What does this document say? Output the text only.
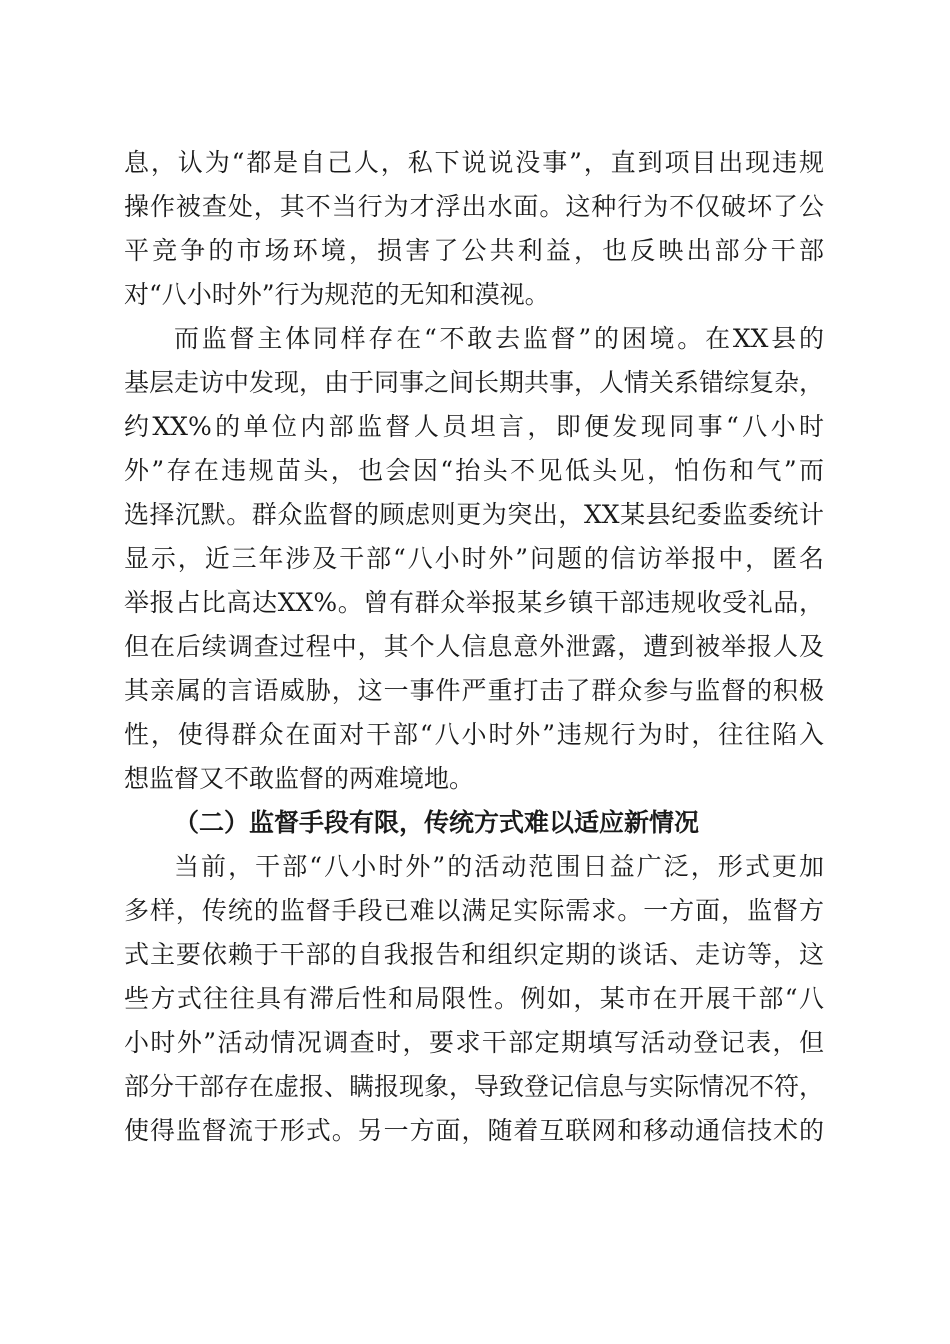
息，认为“都是自己人，私下说说没事”，直到项目出现违规
操作被查处，其不当行为才浮出水面。这种行为不仅破坏了公
平竞争的市场环境，损害了公共利益，也反映出部分干部
对“八小时外”行为规范的无知和漠视。
而监督主体同样存在“不敢去监督”的困境。在XX县的
基层走访中发现，由于同事之间长期共事，人情关系错综复杂，
约XX%的单位内部监督人员坦言，即便发现同事“八小时
外”存在违规苗头，也会因“抬头不见低头见，怕伤和气”而
选择沉默。群众监督的顾虑则更为突出，XX某县纪委监委统计
显示，近三年涉及干部“八小时外”问题的信访举报中，匿名
举报占比高达XX%。曾有群众举报某乡镇干部违规收受礼品，
但在后续调查过程中，其个人信息意外泄露，遭到被举报人及
其亲属的言语威胁，这一事件严重打击了群众参与监督的积极
性，使得群众在面对干部“八小时外”违规行为时，往往陷入
想监督又不敢监督的两难境地。
（二）监督手段有限，传统方式难以适应新情况
当前，干部“八小时外”的活动范围日益广泛，形式更加
多样，传统的监督手段已难以满足实际需求。一方面，监督方
式主要依赖于干部的自我报告和组织定期的谈话、走访等，这
些方式往往具有滞后性和局限性。例如，某市在开展干部“八
小时外”活动情况调查时，要求干部定期填写活动登记表，但
部分干部存在虚报、瞒报现象，导致登记信息与实际情况不符，
使得监督流于形式。另一方面，随着互联网和移动通信技术的
